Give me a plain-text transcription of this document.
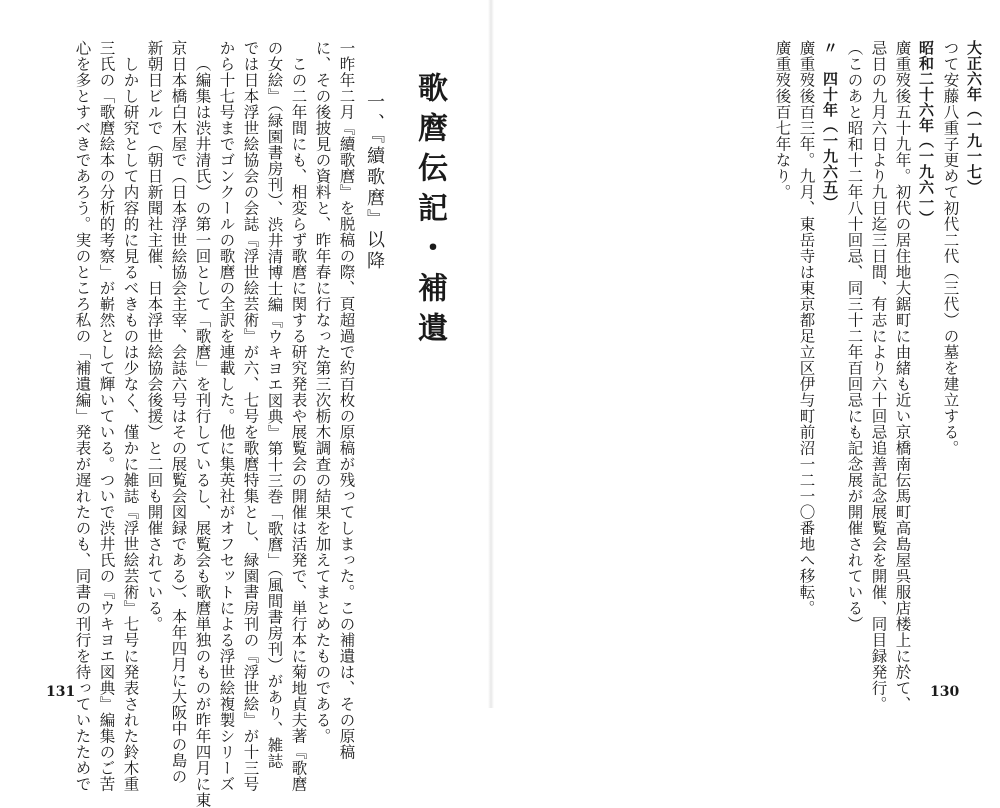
一昨年二月『續歌麿』を脱稿の際、頁超過で約百枚の原稿が残ってしまった。この補遺は、その原稿
に、その後披見の資料と、昨年春に行なった第三次栃木調査の結果を加えてまとめたものである。
この二年間にも、相変らず歌麿に関する研究発表や展覧会の開催は活発で、単行本に菊地貞夫著『歌麿
の女絵』（緑園書房刊）、渋井清博士編『ウキヨエ図典』第十三巻「歌麿」（風間書房刊）があり、雑誌
では日本浮世絵協会の会誌『浮世絵芸術』が六、七号を歌麿特集とし、緑園書房刊の『浮世絵』が十三号
から十七号までゴンクールの歌麿の全訳を連載した。他に集英社がオフセットによる浮世絵複製シリーズ
（編集は渋井清氏）の第一回として「歌麿」を刊行しているし、展覧会も歌麿単独のものが昨年四月に東
京日本橋白木屋で（日本浮世絵協会主宰、会誌六号はその展覧会図録である）、本年四月に大阪中の島の
新朝日ビルで（朝日新聞社主催、日本浮世絵協会後援）と二回も開催されている。
しかし研究として内容的に見るべきものは少なく、僅かに雑誌『浮世絵芸術』七号に発表された鈴木重
三氏の「歌麿絵本の分析的考察」が嶄然として輝いている。ついで渋井氏の『ウキヨエ図典』編集のご苦
心を多とすべきであろう。実のところ私の「補遺編」発表が遅れたのも、同書の刊行を待っていたためで	一、『續歌麿』以降 歌麿伝記・補遺
131
つて安藤八重子更めて初代二代（三代）の墓を建立する。
廣重歿後五十九年。初代の居住地大鋸町に由緒も近い京橋南伝馬町高島屋呉服店楼上に於て、
忌日の九月六日より九日迄三日間、有志により六十回忌追善記念展覧会を開催、同目録発行。
（このあと昭和十二年八十回忌、同三十二年百回忌にも記念展が開催されている）
廣重歿後百三年。九月、東岳寺は東京都足立区伊与町前沼一二一〇番地へ移転。
廣重歿後百七年なり。	大正六年（一九一七）
昭和二十六年（一九六一）
〃　四十年（一九六五）
130
